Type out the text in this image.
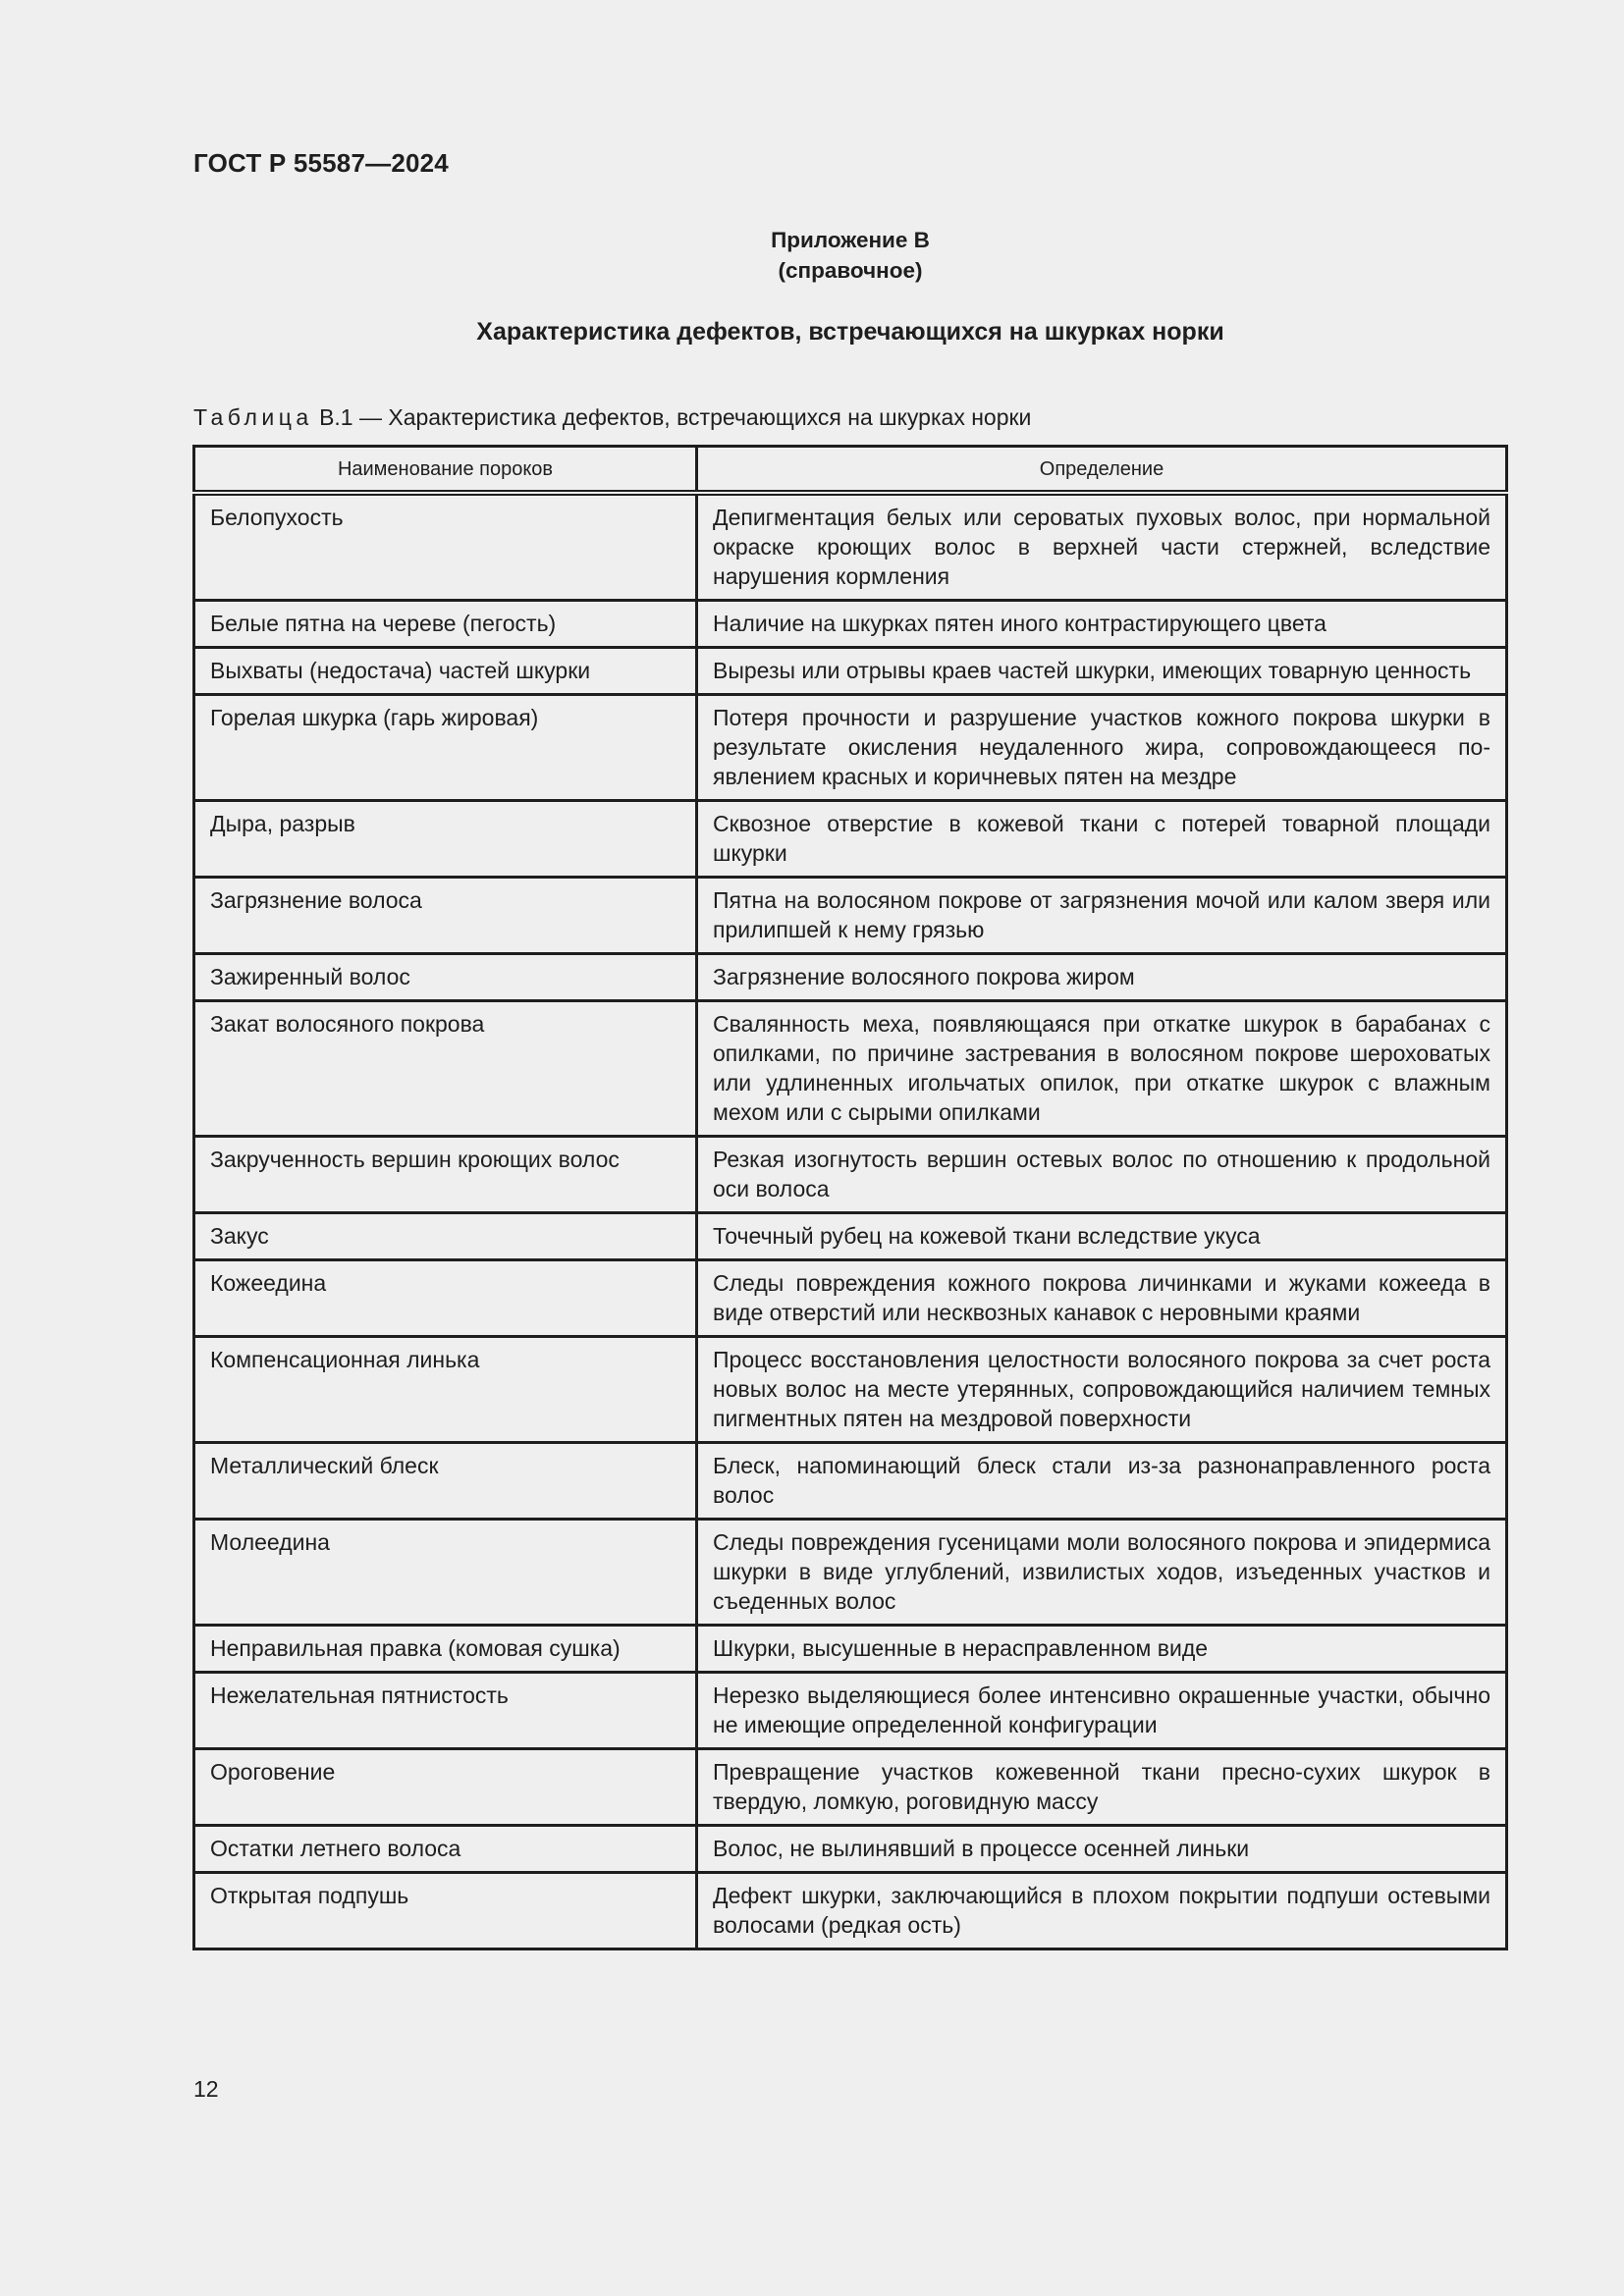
ГОСТ Р 55587—2024
Приложение В
(справочное)
Характеристика дефектов, встречающихся на шкурках норки
Таблица В.1 — Характеристика дефектов, встречающихся на шкурках норки
Наименование пороков	Определение
Белопухость	Депигментация белых или сероватых пуховых волос, при нормальной окраске кроющих волос в верхней части стержней, вследствие нарушения кормления
Белые пятна на череве (пегость)	Наличие на шкурках пятен иного контрастирующего цвета
Выхваты (недостача) частей шкурки	Вырезы или отрывы краев частей шкурки, имеющих товарную ценность
Горелая шкурка (гарь жировая)	Потеря прочности и разрушение участков кожного покрова шкурки в результате окисления неудаленного жира, сопровождающееся появлением красных и коричневых пятен на мездре
Дыра, разрыв	Сквозное отверстие в кожевой ткани с потерей товарной площади шкурки
Загрязнение волоса	Пятна на волосяном покрове от загрязнения мочой или калом зверя или прилипшей к нему грязью
Зажиренный волос	Загрязнение волосяного покрова жиром
Закат волосяного покрова	Свалянность меха, появляющаяся при откатке шкурок в барабанах с опилками, по причине застревания в волосяном покрове шероховатых или удлиненных игольчатых опилок, при откатке шкурок с влажным мехом или с сырыми опилками
Закрученность вершин кроющих волос	Резкая изогнутость вершин остевых волос по отношению к продольной оси волоса
Закус	Точечный рубец на кожевой ткани вследствие укуса
Кожеедина	Следы повреждения кожного покрова личинками и жуками кожееда в виде отверстий или несквозных канавок с неровными краями
Компенсационная линька	Процесс восстановления целостности волосяного покрова за счет роста новых волос на месте утерянных, сопровождающийся наличием темных пигментных пятен на мездровой поверхности
Металлический блеск	Блеск, напоминающий блеск стали из-за разнонаправленного роста волос
Молеедина	Следы повреждения гусеницами моли волосяного покрова и эпидермиса шкурки в виде углублений, извилистых ходов, изъеденных участков и съеденных волос
Неправильная правка (комовая сушка)	Шкурки, высушенные в нерасправленном виде
Нежелательная пятнистость	Нерезко выделяющиеся более интенсивно окрашенные участки, обычно не имеющие определенной конфигурации
Ороговение	Превращение участков кожевенной ткани пресно-сухих шкурок в твердую, ломкую, роговидную массу
Остатки летнего волоса	Волос, не вылинявший в процессе осенней линьки
Открытая подпушь	Дефект шкурки, заключающийся в плохом покрытии подпуши остевыми волосами (редкая ость)
12
